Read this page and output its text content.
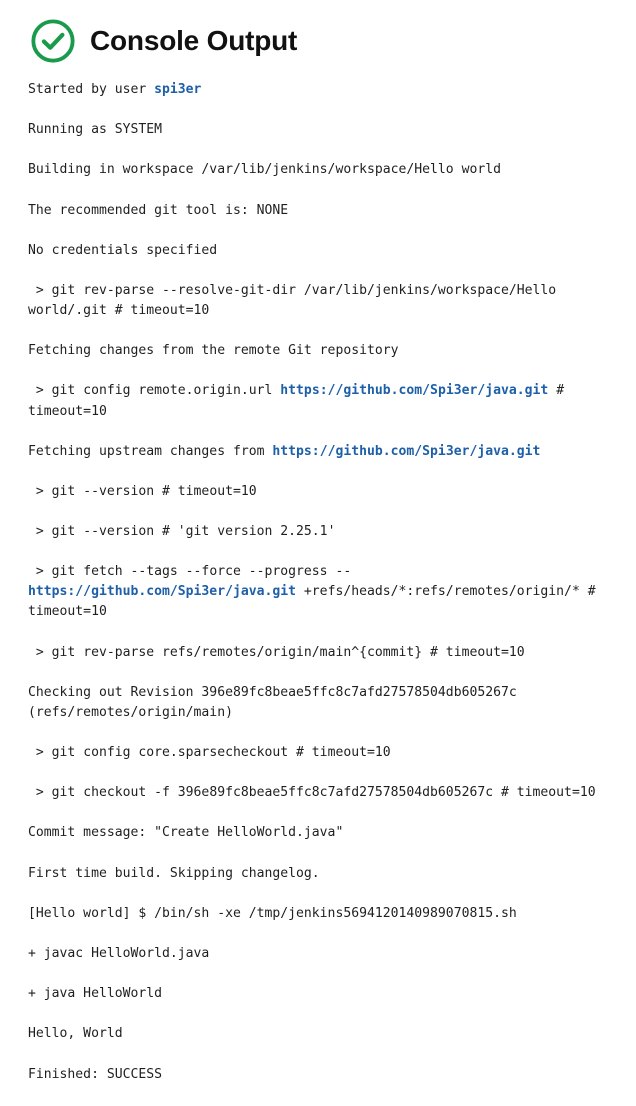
Console Output
Started by user spi3er

Running as SYSTEM

Building in workspace /var/lib/jenkins/workspace/Hello world

The recommended git tool is: NONE

No credentials specified

> git rev-parse --resolve-git-dir /var/lib/jenkins/workspace/Hello world/.git # timeout=10

Fetching changes from the remote Git repository

> git config remote.origin.url https://github.com/Spi3er/java.git # timeout=10

Fetching upstream changes from https://github.com/Spi3er/java.git

> git --version # timeout=10

> git --version # 'git version 2.25.1'

> git fetch --tags --force --progress -- https://github.com/Spi3er/java.git +refs/heads/*:refs/remotes/origin/* # timeout=10

> git rev-parse refs/remotes/origin/main^{commit} # timeout=10

Checking out Revision 396e89fc8beae5ffc8c7afd27578504db605267c (refs/remotes/origin/main)

> git config core.sparsecheckout # timeout=10

> git checkout -f 396e89fc8beae5ffc8c7afd27578504db605267c # timeout=10

Commit message: "Create HelloWorld.java"

First time build. Skipping changelog.

[Hello world] $ /bin/sh -xe /tmp/jenkins5694120140989070815.sh

+ javac HelloWorld.java

+ java HelloWorld

Hello, World

Finished: SUCCESS
